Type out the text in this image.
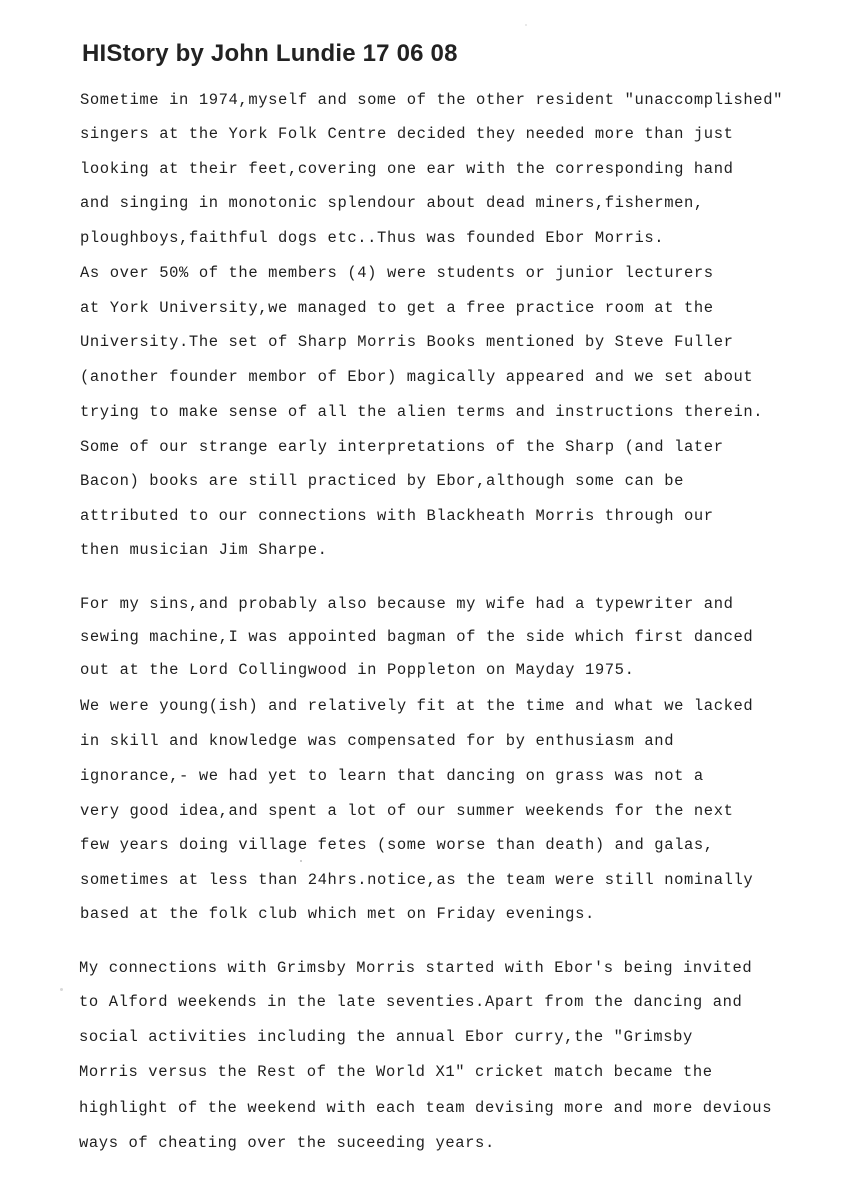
HIStory by John Lundie 17 06 08

Sometime in 1974,myself and some of the other resident "unaccomplished"

singers at the York Folk Centre decided they needed more than just

looking at their feet,covering one ear with the corresponding hand

and singing in monotonic splendour about dead miners,fishermen,

ploughboys,faithful dogs etc..Thus was founded Ebor Morris.

As over 50% of the members (4) were students or junior lecturers

at York University,we managed to get a free practice room at the

University.The set of Sharp Morris Books mentioned by Steve Fuller

(another founder membor of Ebor) magically appeared and we set about

trying to make sense of all the alien terms and instructions therein.

Some of our strange early interpretations of the Sharp (and later

Bacon) books are still practiced by Ebor,although some can be

attributed to our connections with Blackheath Morris through our

then musician Jim Sharpe.

For my sins,and probably also because my wife had a typewriter and

sewing machine,I was appointed bagman of the side which first danced

out at the Lord Collingwood in Poppleton on Mayday 1975.

We were young(ish) and relatively fit at the time and what we lacked

in skill and knowledge was compensated for by enthusiasm and

ignorance,- we had yet to learn that dancing on grass was not a

very good idea,and spent a lot of our summer weekends for the next

few years doing village fetes (some worse than death) and galas,

sometimes at less than 24hrs.notice,as the team were still nominally

based at the folk club which met on Friday evenings.

My connections with Grimsby Morris started with Ebor's being invited

to Alford weekends in the late seventies.Apart from the dancing and

social activities including the annual Ebor curry,the "Grimsby

Morris versus the Rest of the World X1" cricket match became the

highlight of the weekend with each team devising more and more devious

ways of cheating over the suceeding years.
